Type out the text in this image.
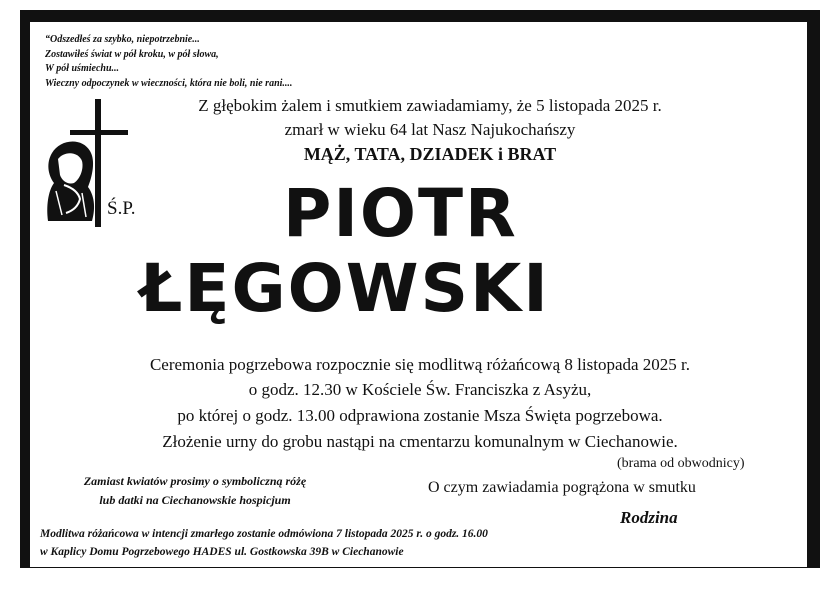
“Odszedłeś za szybko, niepotrzebnie...
Zostawiłeś świat w pół kroku, w pół słowa,
W pół uśmiechu...
Wieczny odpoczynek w wieczności, która nie boli, nie rani....
Z głębokim żalem i smutkiem zawiadamiamy, że 5 listopada 2025 r.
zmarł w wieku 64 lat Nasz Najukochańszy
MĄŻ, TATA, DZIADEK i BRAT
Ś.P. PIOTR
ŁĘGOWSKI
Ceremonia pogrzebowa rozpocznie się modlitwą różańcową 8 listopada 2025 r.
o godz. 12.30 w Kościele Św. Franciszka z Asyżu,
po której o godz. 13.00 odprawiona zostanie Msza Święta pogrzebowa.
Złożenie urny do grobu nastąpi na cmentarzu komunalnym w Ciechanowie.
(brama od obwodnicy)
Zamiast kwiatów prosimy o symboliczną różę
lub datki na Ciechanowskie hospicjum
O czym zawiadamia pogrążona w smutku
Rodzina
Modlitwa różańcowa w intencji zmarłego zostanie odmówiona 7 listopada 2025 r. o godz. 16.00
w Kaplicy Domu Pogrzebowego HADES ul. Gostkowska 39B w Ciechanowie
ZUP HADES, ul. Gostkowska 39 B Ciechanów, tel. 662198820, 236721488
